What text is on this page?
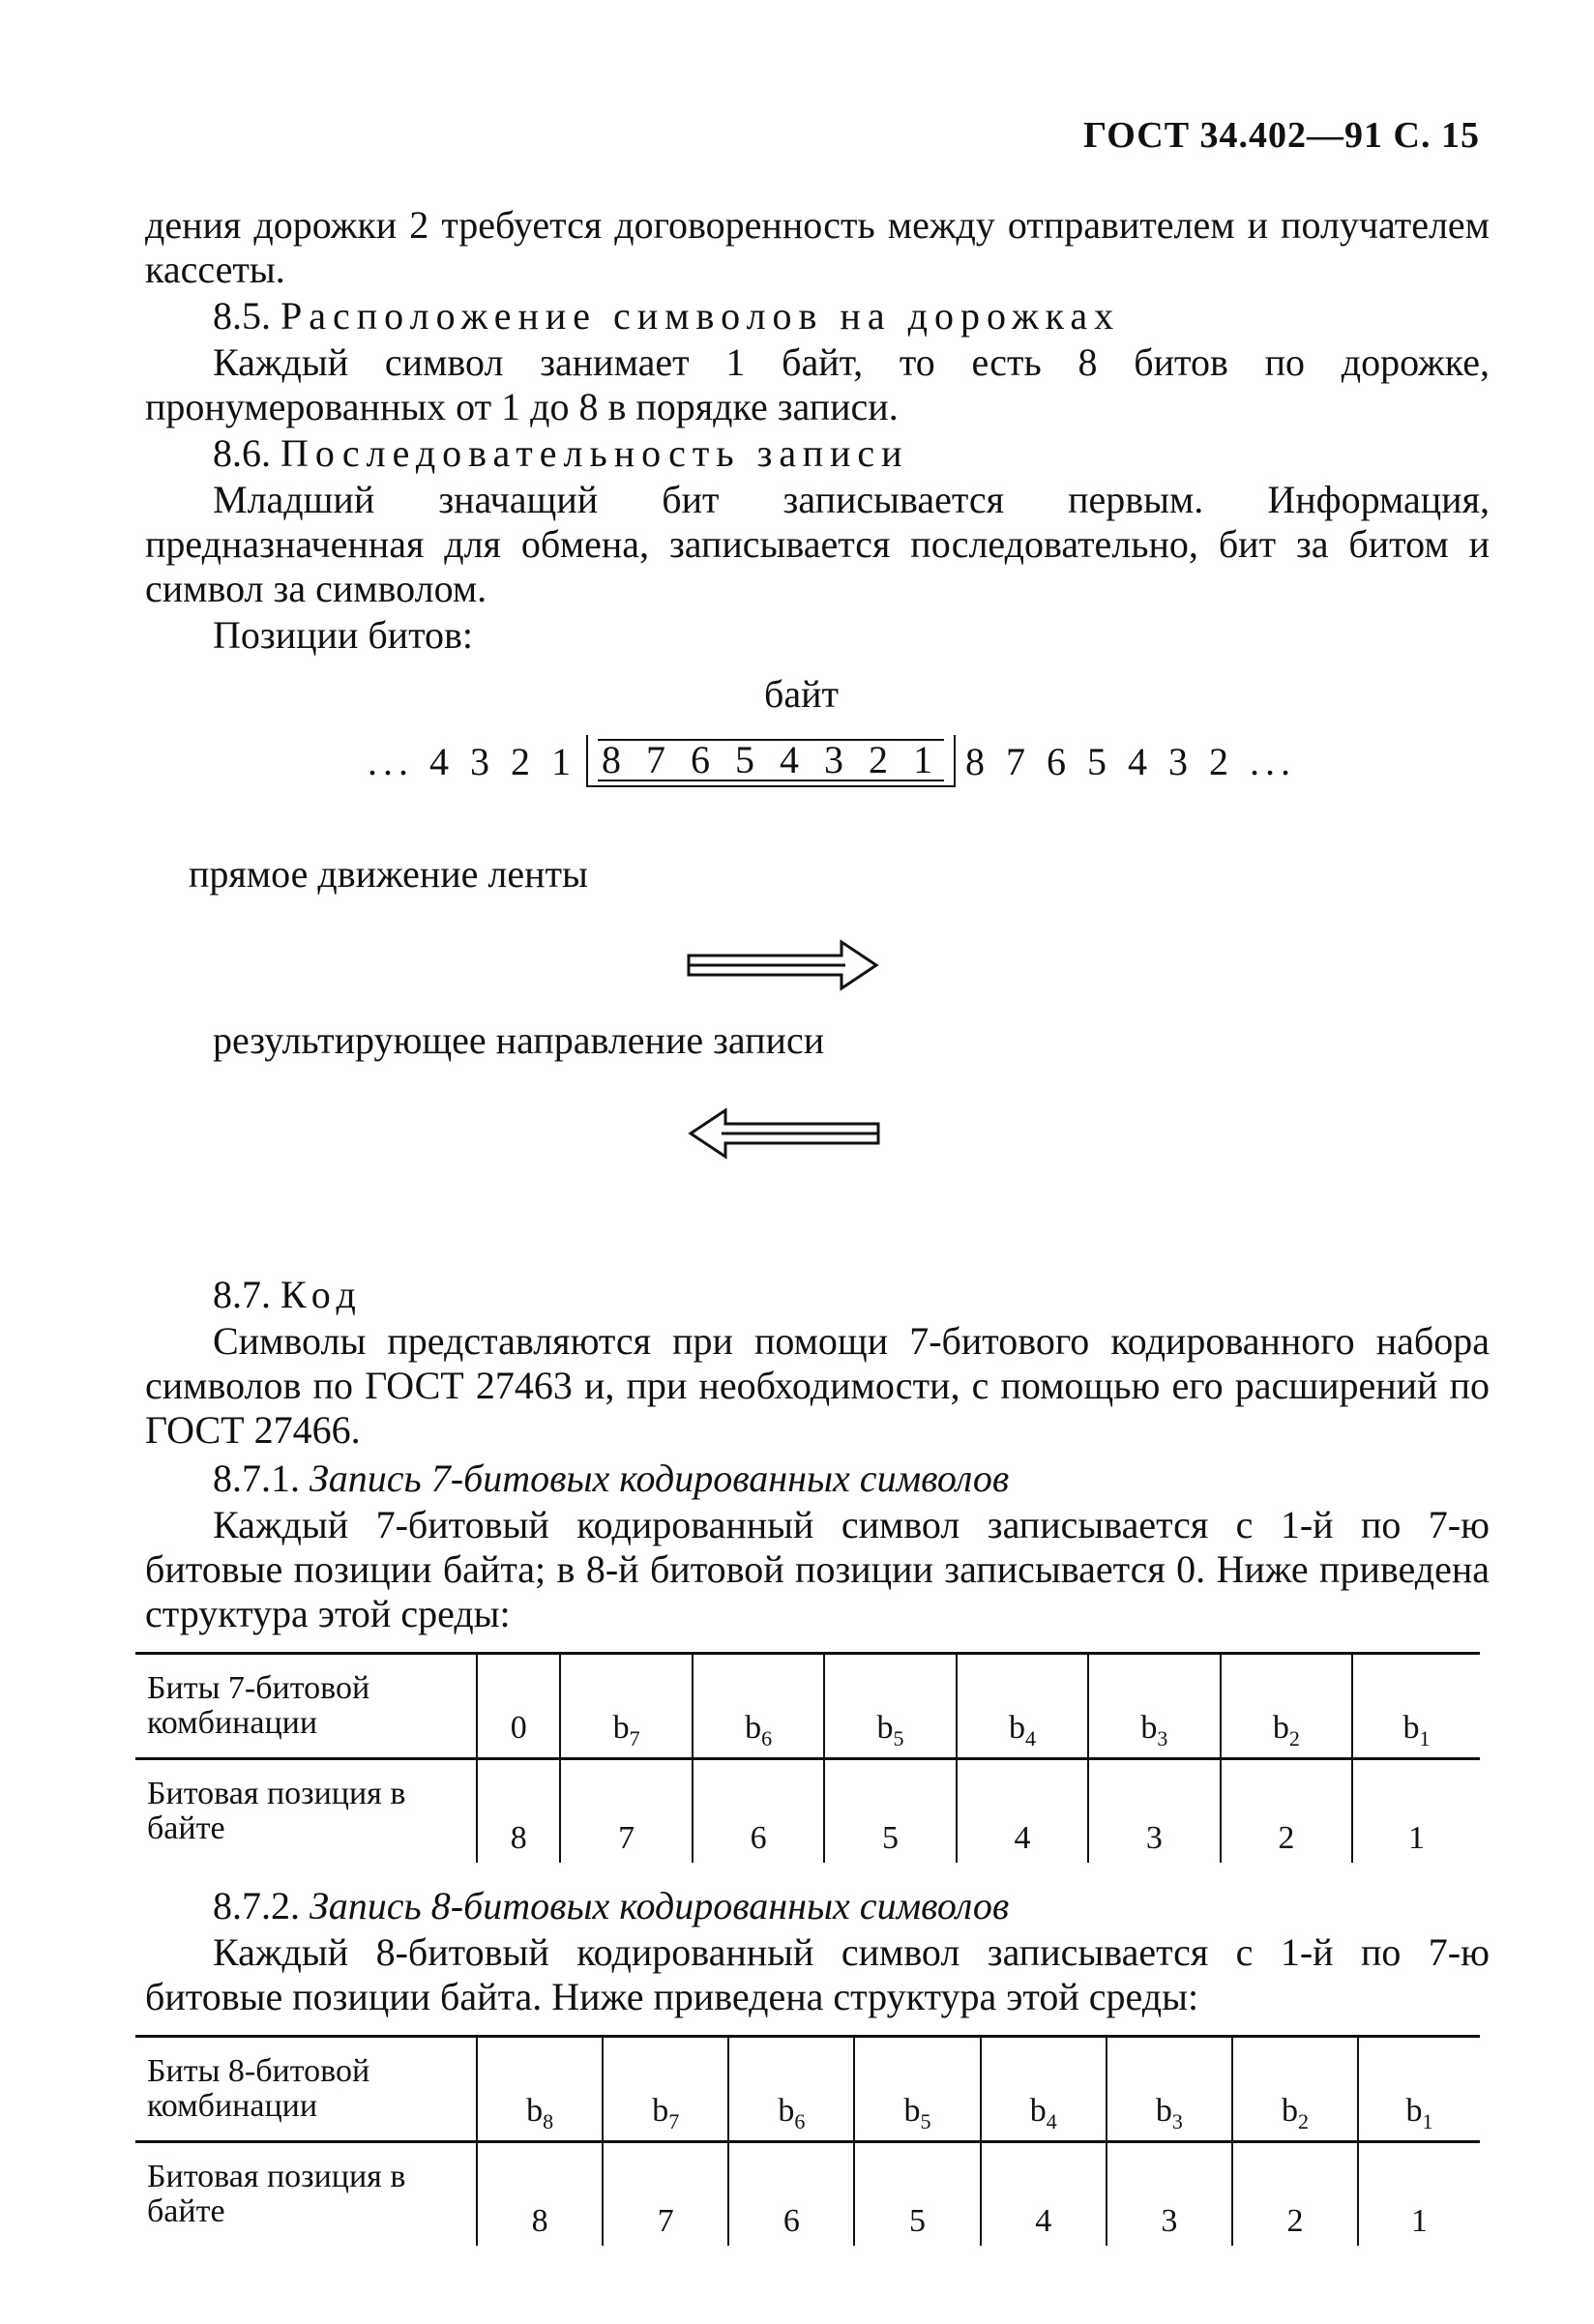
ГОСТ 34.402—91 С. 15

дения дорожки 2 требуется договоренность между отправителем и получателем кассеты.

8.5. Расположение символов на дорожках

Каждый символ занимает 1 байт, то есть 8 битов по дорожке, пронумерованных от 1 до 8 в порядке записи.

8.6. Последовательность записи

Младший значащий бит записывается первым. Информация, предназначенная для обмена, записывается последовательно, бит за битом и символ за символом.

Позиции битов:

байт
... 4 3 2 1 8 7 6 5 4 3 2 1 8 7 6 5 4 3 2 ...
прямое движение ленты
результирующее направление записи
8.7. Код

Символы представляются при помощи 7-битового кодированного набора символов по ГОСТ 27463 и, при необходимости, с помощью его расширений по ГОСТ 27466.

8.7.1. Запись 7-битовых кодированных символов

Каждый 7-битовый кодированный символ записывается с 1-й по 7-ю битовые позиции байта; в 8-й битовой позиции записывается 0. Ниже приведена структура этой среды:

Биты 7-битовой комбинации	0	$b_7$	$b_6$	$b_5$	$b_4$	$b_3$	$b_2$	$b_1$
Битовая позиция в байте	8	7	6	5	4	3	2	1
8.7.2. Запись 8-битовых кодированных символов

Каждый 8-битовый кодированный символ записывается с 1-й по 7-ю битовые позиции байта. Ниже приведена структура этой среды:

Биты 8-битовой комбинации	$b_8$	$b_7$	$b_6$	$b_5$	$b_4$	$b_3$	$b_2$	$b_1$
Битовая позиция в байте	8	7	6	5	4	3	2	1
